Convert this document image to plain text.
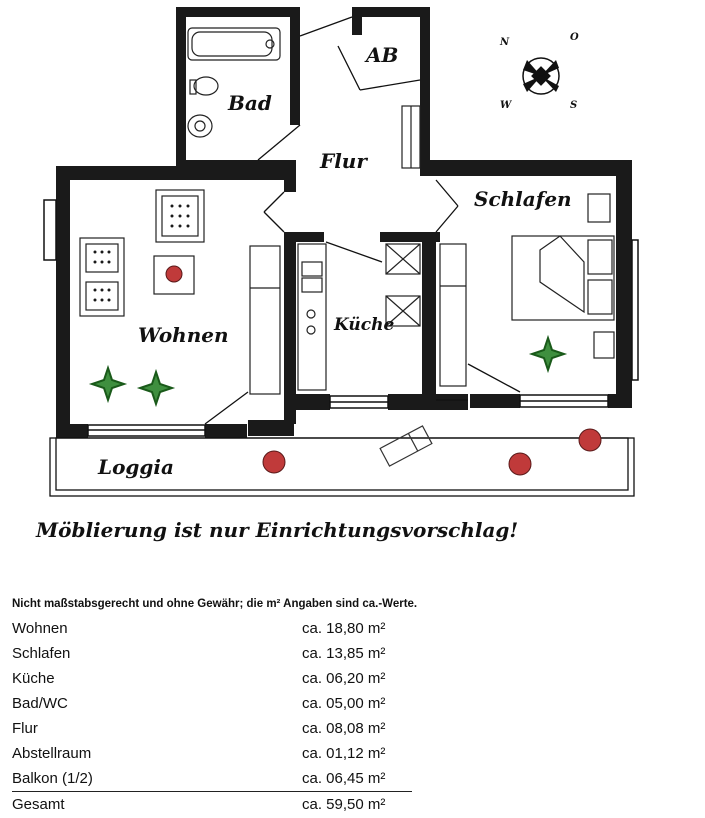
N	O
S
W
Bad
AB
Flur
Schlafen
Wohnen	Küche
Loggia
Möblierung ist nur Einrichtungsvorschlag!
Nicht maßstabsgerecht und ohne Gewähr; die m² Angaben sind ca.-Werte.
Wohnen	ca. 18,80 m²
Schlafen	ca. 13,85 m²
Küche	ca. 06,20 m²
Bad/WC	ca. 05,00 m²
Flur	ca. 08,08 m²
Abstellraum	ca. 01,12 m²
Balkon (1/2)	ca. 06,45 m²
Gesamt	ca. 59,50 m²
